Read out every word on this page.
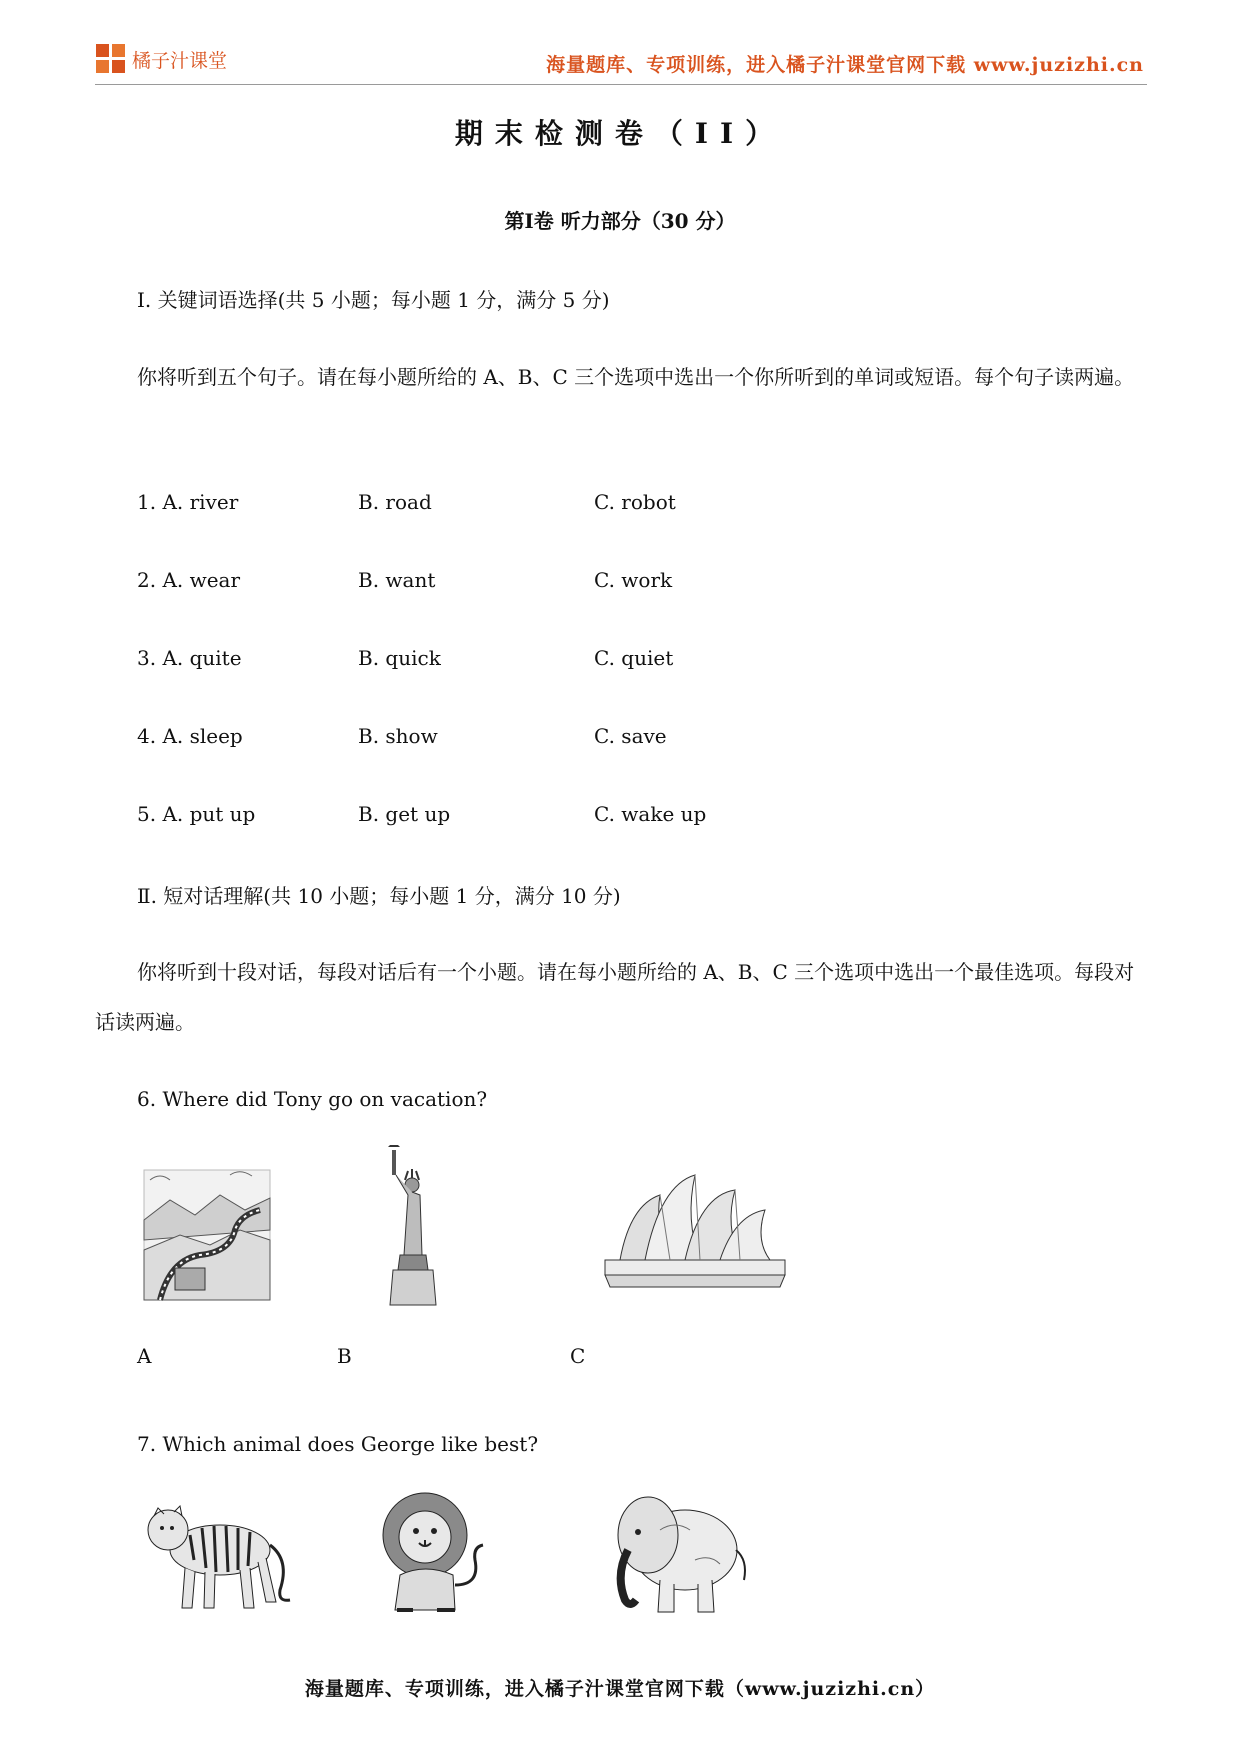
橘子汁课堂	海量题库、专项训练，进入橘子汁课堂官网下载 www.juzizhi.cn
期末检测卷（II）
第Ⅰ卷 听力部分（30 分）
Ⅰ. 关键词语选择(共 5 小题；每小题 1 分，满分 5 分)
你将听到五个句子。请在每小题所给的 A、B、C 三个选项中选出一个你所听到的单词或短语。每个句子读两遍。
1. A. river	B. road	C. robot
2. A. wear	B. want	C. work
3. A. quite	B. quick	C. quiet
4. A. sleep	B. show	C. save
5. A. put up	B. get up	C. wake up
Ⅱ. 短对话理解(共 10 小题；每小题 1 分，满分 10 分)
你将听到十段对话，每段对话后有一个小题。请在每小题所给的 A、B、C 三个选项中选出一个最佳选项。每段对话读两遍。
6. Where did Tony go on vacation?
A	B	C
7. Which animal does George like best?
海量题库、专项训练，进入橘子汁课堂官网下载（www.juzizhi.cn）
